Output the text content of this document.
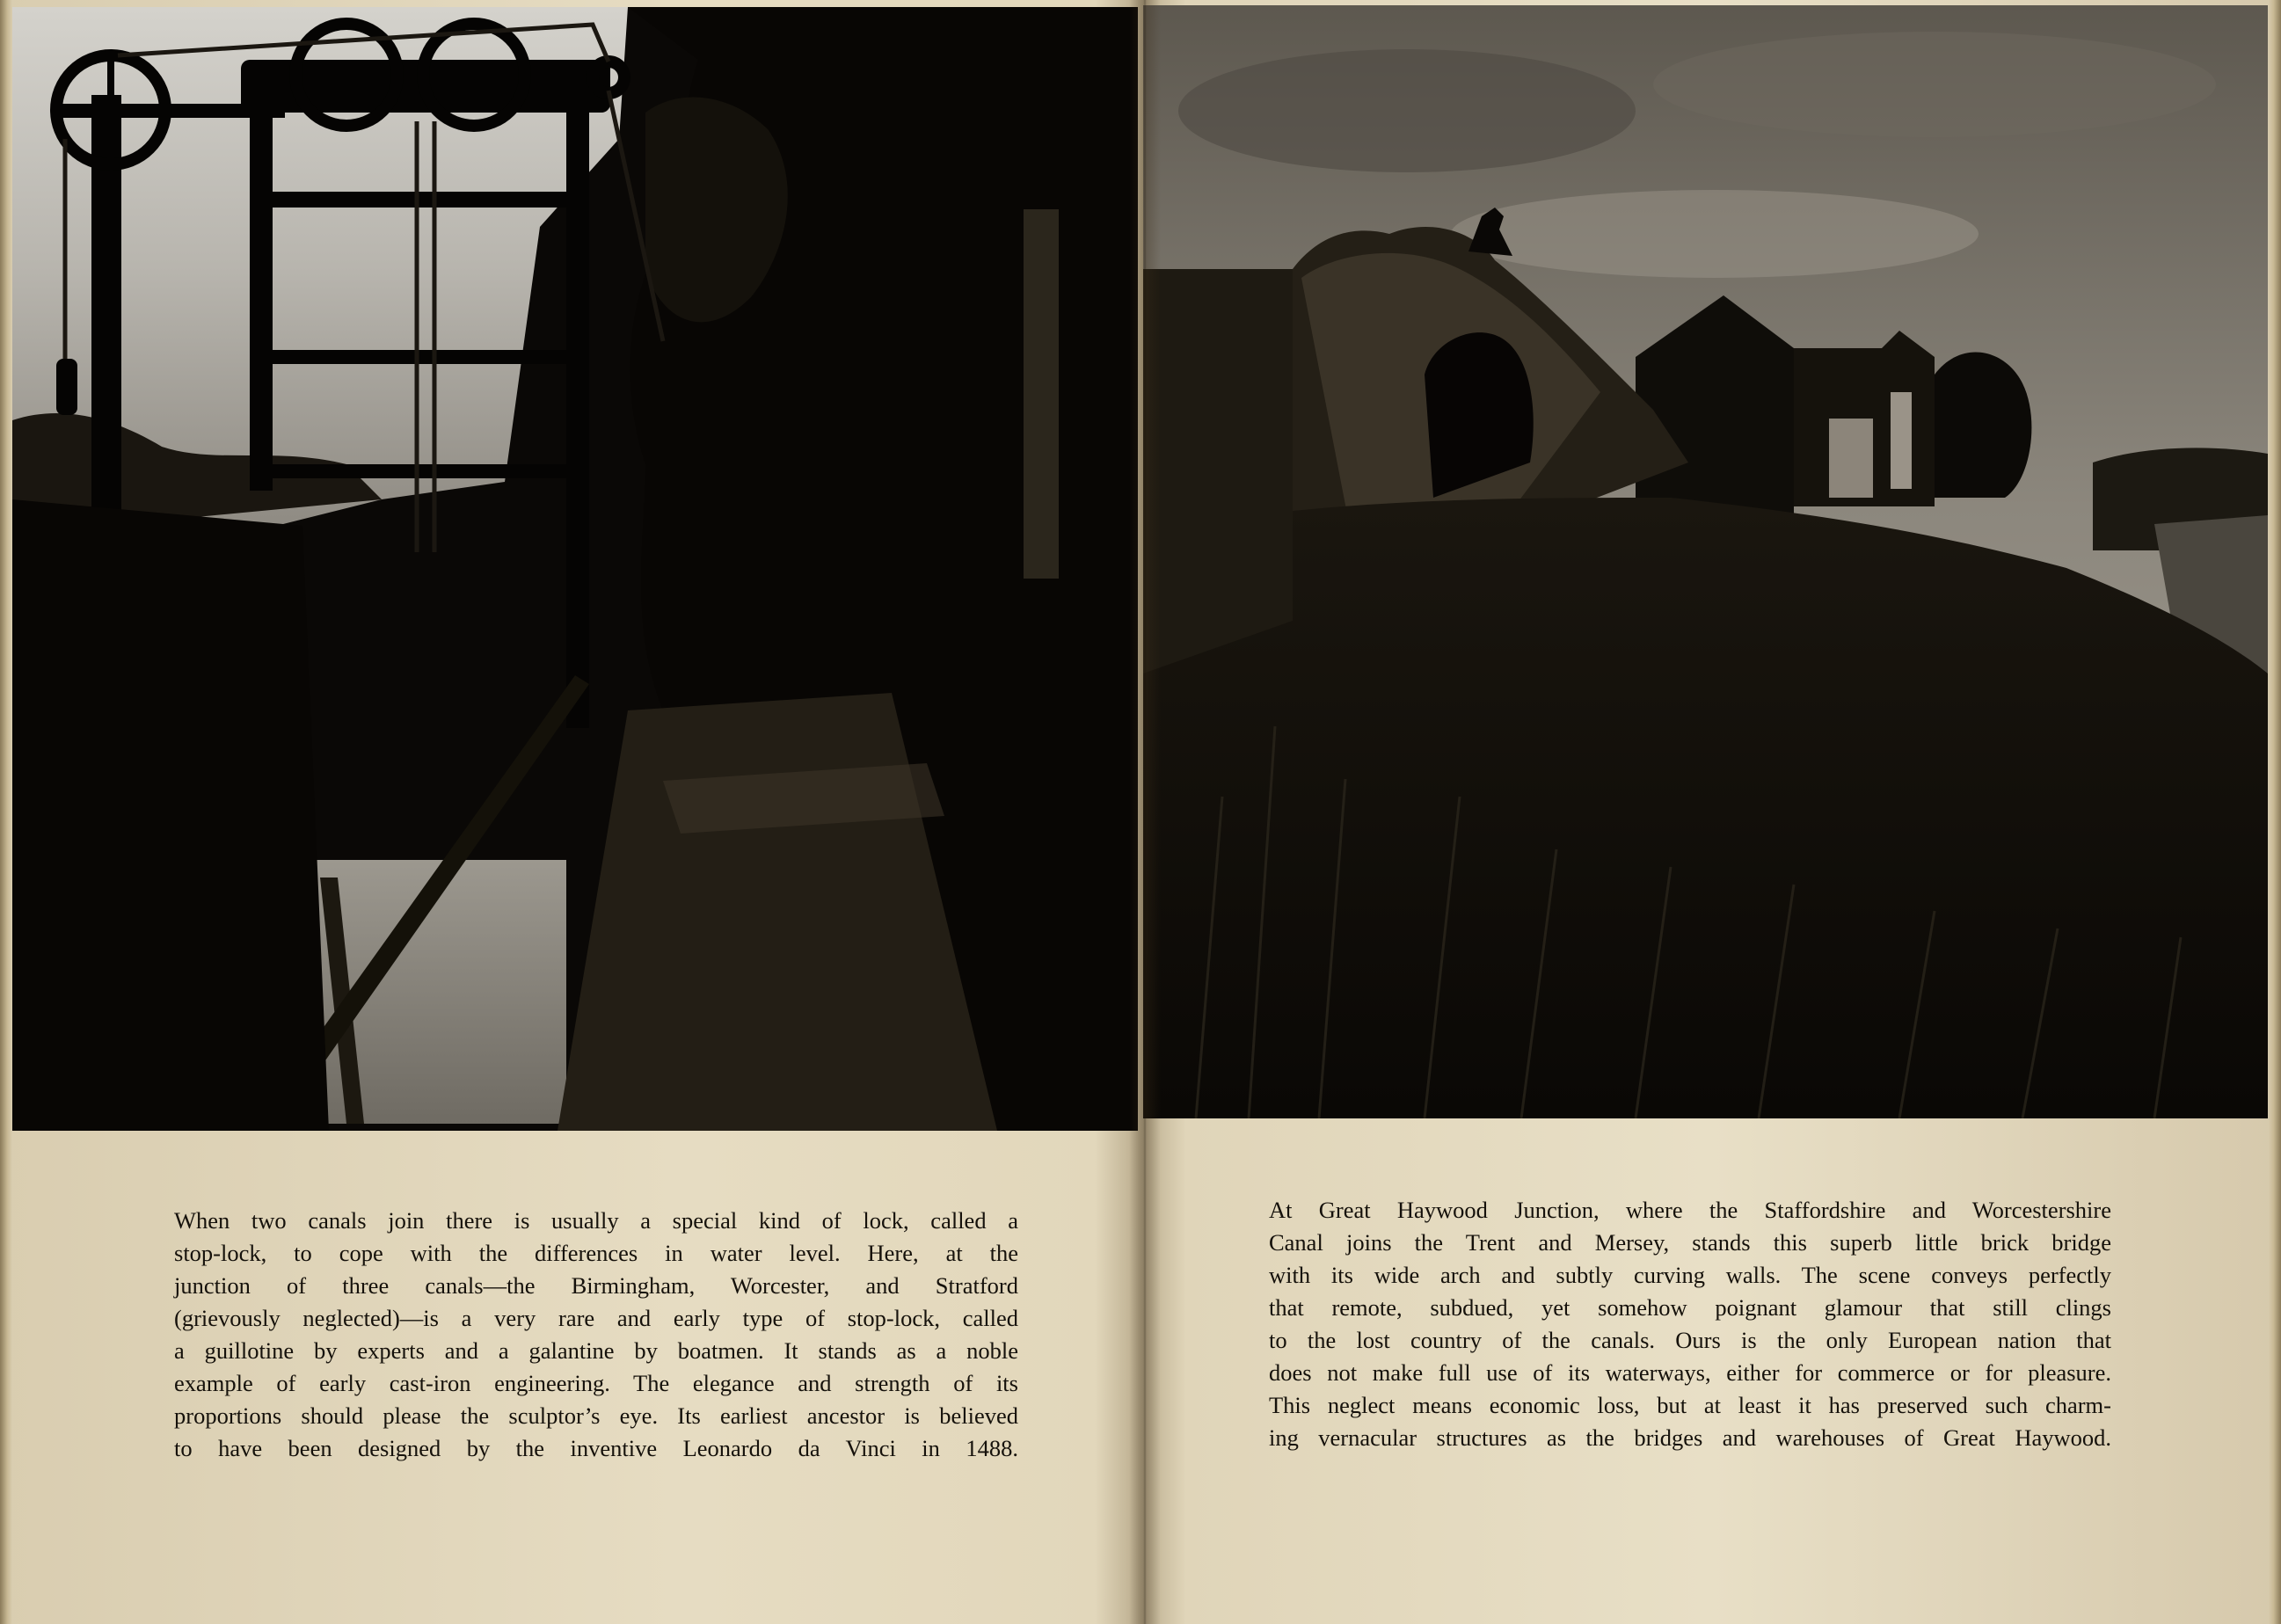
When two canals join there is usually a special kind of lock, called a

stop-lock, to cope with the differences in water level. Here, at the

junction of three canals—the Birmingham, Worcester, and Stratford

(grievously neglected)—is a very rare and early type of stop-lock, called

a guillotine by experts and a galantine by boatmen. It stands as a noble

example of early cast-iron engineering. The elegance and strength of its

proportions should please the sculptor’s eye. Its earliest ancestor is believed

to have been designed by the inventive Leonardo da Vinci in 1488.

At Great Haywood Junction, where the Staffordshire and Worcestershire

Canal joins the Trent and Mersey, stands this superb little brick bridge

with its wide arch and subtly curving walls. The scene conveys perfectly

that remote, subdued, yet somehow poignant glamour that still clings

to the lost country of the canals. Ours is the only European nation that

does not make full use of its waterways, either for commerce or for pleasure.

This neglect means economic loss, but at least it has preserved such charm-

ing vernacular structures as the bridges and warehouses of Great Haywood.
